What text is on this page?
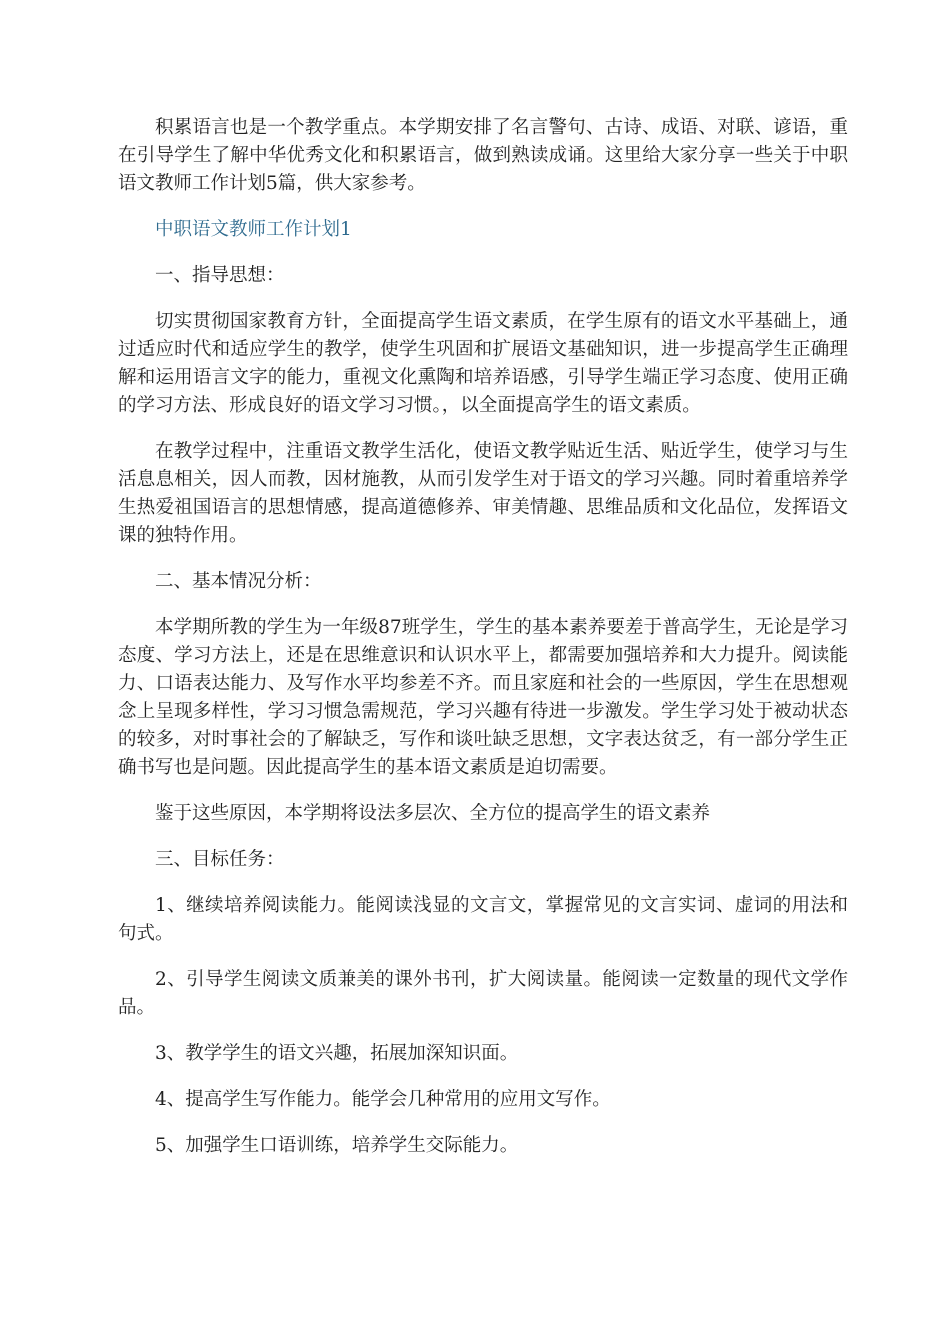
积累语言也是一个教学重点。本学期安排了名言警句、古诗、成语、对联、谚语，重在引导学生了解中华优秀文化和积累语言，做到熟读成诵。这里给大家分享一些关于中职语文教师工作计划5篇，供大家参考。

中职语文教师工作计划1

一、指导思想：

切实贯彻国家教育方针，全面提高学生语文素质，在学生原有的语文水平基础上，通过适应时代和适应学生的教学，使学生巩固和扩展语文基础知识，进一步提高学生正确理解和运用语言文字的能力，重视文化熏陶和培养语感，引导学生端正学习态度、使用正确的学习方法、形成良好的语文学习习惯。，以全面提高学生的语文素质。

在教学过程中，注重语文教学生活化，使语文教学贴近生活、贴近学生，使学习与生活息息相关，因人而教，因材施教，从而引发学生对于语文的学习兴趣。同时着重培养学生热爱祖国语言的思想情感，提高道德修养、审美情趣、思维品质和文化品位，发挥语文课的独特作用。

二、基本情况分析：

本学期所教的学生为一年级87班学生，学生的基本素养要差于普高学生，无论是学习态度、学习方法上，还是在思维意识和认识水平上，都需要加强培养和大力提升。阅读能力、口语表达能力、及写作水平均参差不齐。而且家庭和社会的一些原因，学生在思想观念上呈现多样性，学习习惯急需规范，学习兴趣有待进一步激发。学生学习处于被动状态的较多，对时事社会的了解缺乏，写作和谈吐缺乏思想，文字表达贫乏，有一部分学生正确书写也是问题。因此提高学生的基本语文素质是迫切需要。

鉴于这些原因，本学期将设法多层次、全方位的提高学生的语文素养

三、目标任务：

1、继续培养阅读能力。能阅读浅显的文言文，掌握常见的文言实词、虚词的用法和句式。

2、引导学生阅读文质兼美的课外书刊，扩大阅读量。能阅读一定数量的现代文学作品。

3、教学学生的语文兴趣，拓展加深知识面。

4、提高学生写作能力。能学会几种常用的应用文写作。

5、加强学生口语训练，培养学生交际能力。
